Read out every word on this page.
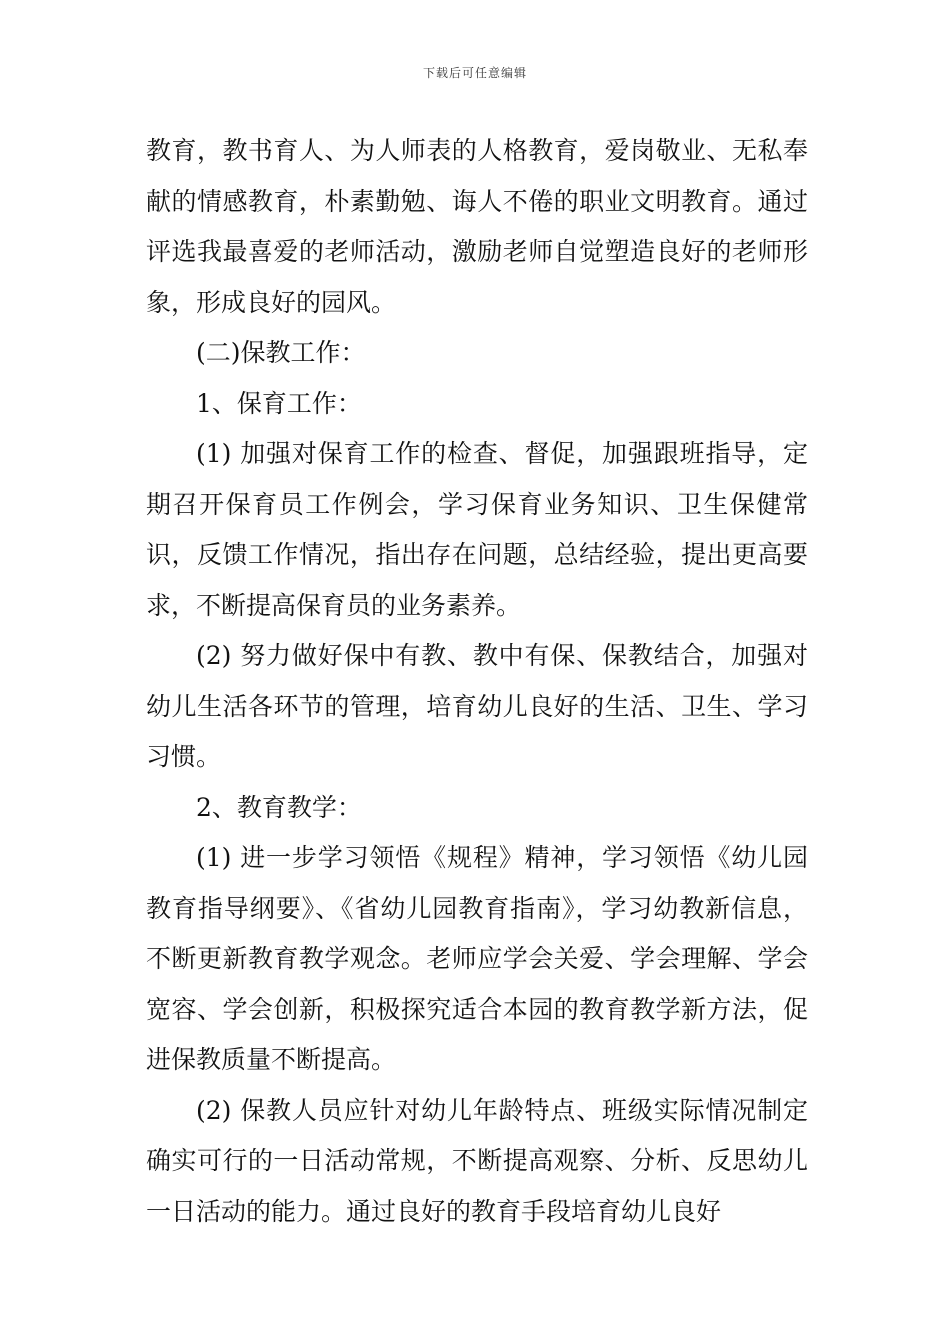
下载后可任意编辑

教育，教书育人、为人师表的人格教育，爱岗敬业、无私奉献的情感教育，朴素勤勉、诲人不倦的职业文明教育。通过评选我最喜爱的老师活动，激励老师自觉塑造良好的老师形象，形成良好的园风。

(二)保教工作：

1、保育工作：

(1) 加强对保育工作的检查、督促，加强跟班指导，定期召开保育员工作例会，学习保育业务知识、卫生保健常识，反馈工作情况，指出存在问题，总结经验，提出更高要求，不断提高保育员的业务素养。

(2) 努力做好保中有教、教中有保、保教结合，加强对幼儿生活各环节的管理，培育幼儿良好的生活、卫生、学习习惯。

2、教育教学：

(1) 进一步学习领悟《规程》精神，学习领悟《幼儿园教育指导纲要》、《省幼儿园教育指南》，学习幼教新信息，不断更新教育教学观念。老师应学会关爱、学会理解、学会宽容、学会创新，积极探究适合本园的教育教学新方法，促进保教质量不断提高。

(2) 保教人员应针对幼儿年龄特点、班级实际情况制定确实可行的一日活动常规，不断提高观察、分析、反思幼儿一日活动的能力。通过良好的教育手段培育幼儿良好
